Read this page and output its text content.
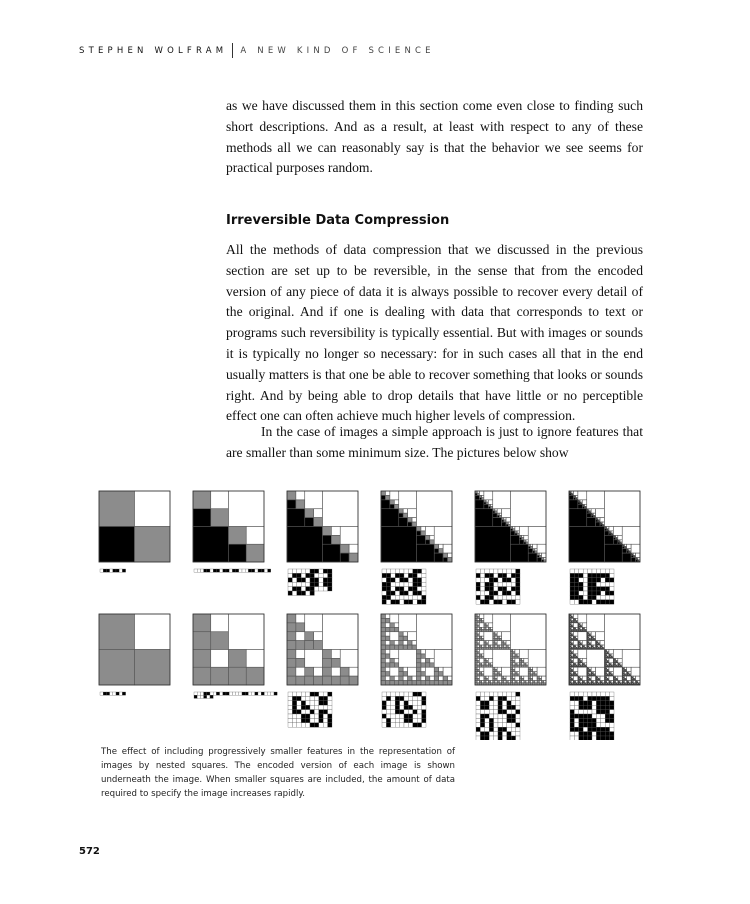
STEPHEN WOLFRAM A NEW KIND OF SCIENCE

as we have discussed them in this section come even close to finding such short descriptions. And as a result, at least with respect to any of these methods all we can reasonably say is that the behavior we see seems for practical purposes random.

Irreversible Data Compression

All the methods of data compression that we discussed in the previous section are set up to be reversible, in the sense that from the encoded version of any piece of data it is always possible to recover every detail of the original. And if one is dealing with data that corresponds to text or programs such reversibility is typically essential. But with images or sounds it is typically no longer so necessary: for in such cases all that in the end usually matters is that one be able to recover something that looks or sounds right. And by being able to drop details that have little or no perceptible effect one can often achieve much higher levels of compression.

In the case of images a simple approach is just to ignore features that are smaller than some minimum size. The pictures below show

The effect of including progressively smaller features in the representation of images by nested squares. The encoded version of each image is shown underneath the image. When smaller squares are included, the amount of data required to specify the image increases rapidly.

572
